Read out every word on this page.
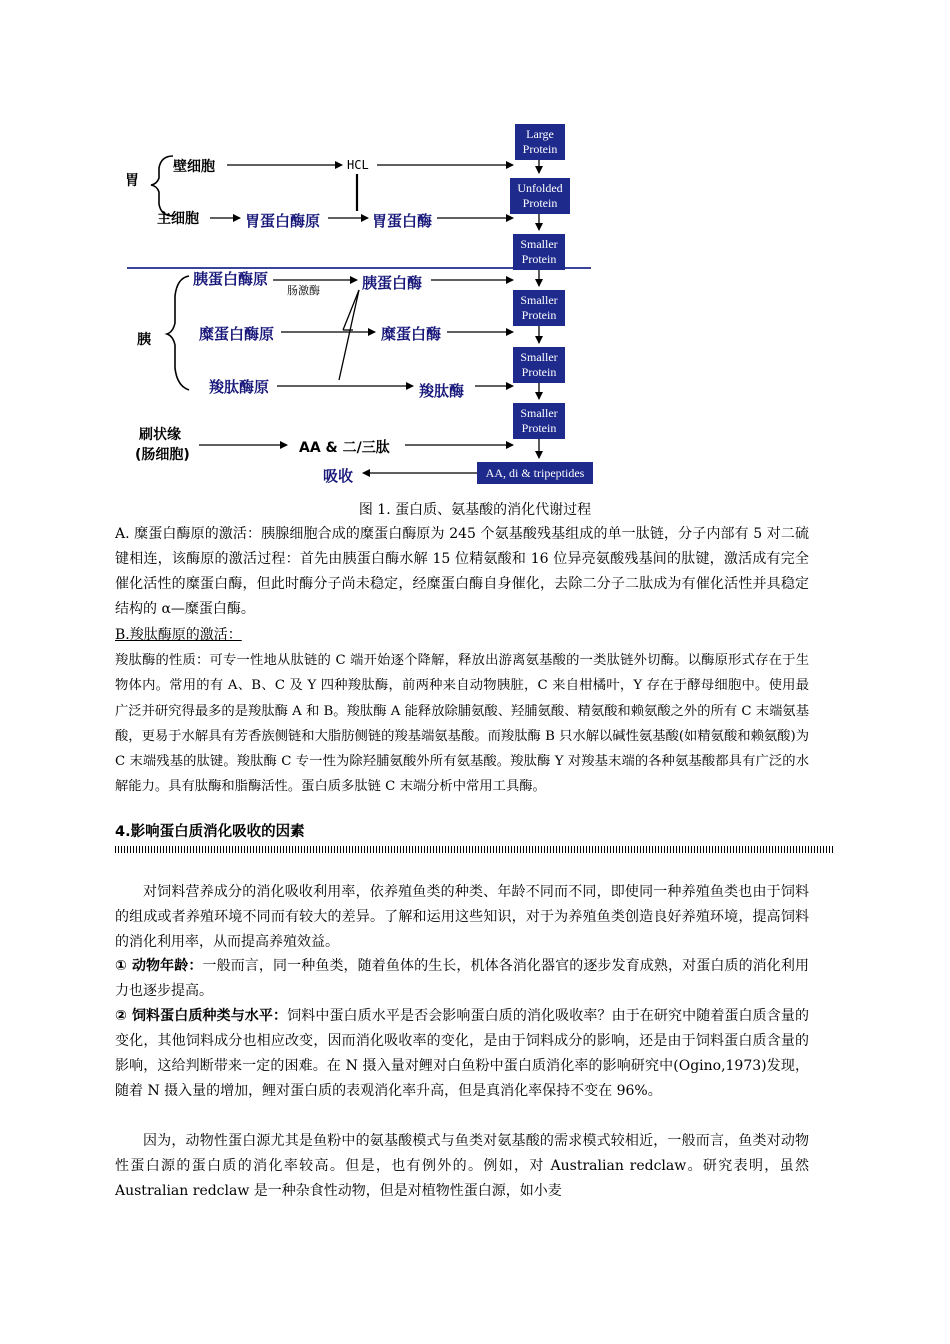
胃
壁细胞
主细胞
HCL
胃蛋白酶原	胃蛋白酶
胰蛋白酶原
肠激酶	胰蛋白酶
胰	糜蛋白酶原	糜蛋白酶
羧肽酶原	羧肽酶
刷状缘
(肠细胞)	AA & 二/三肽
吸收
Large
Protein
Unfolded
Protein
Smaller
Protein
Smaller
Protein
Smaller
Protein
Smaller
Protein
AA, di & tripeptides
图 1. 蛋白质、氨基酸的消化代谢过程
A. 糜蛋白酶原的激活：胰腺细胞合成的糜蛋白酶原为 245 个氨基酸残基组成的单一肽链，分子内部有 5 对二硫键相连，该酶原的激活过程：首先由胰蛋白酶水解 15 位精氨酸和 16 位异亮氨酸残基间的肽键，激活成有完全催化活性的糜蛋白酶，但此时酶分子尚未稳定，经糜蛋白酶自身催化，去除二分子二肽成为有催化活性并具稳定结构的 α—糜蛋白酶。
B.羧肽酶原的激活：
羧肽酶的性质：可专一性地从肽链的 C 端开始逐个降解，释放出游离氨基酸的一类肽链外切酶。以酶原形式存在于生物体内。常用的有 A、B、C 及 Y 四种羧肽酶，前两种来自动物胰脏，C 来自柑橘叶，Y 存在于酵母细胞中。使用最广泛并研究得最多的是羧肽酶 A 和 B。羧肽酶 A 能释放除脯氨酸、羟脯氨酸、精氨酸和赖氨酸之外的所有 C 末端氨基酸，更易于水解具有芳香族侧链和大脂肪侧链的羧基端氨基酸。而羧肽酶 B 只水解以碱性氨基酸(如精氨酸和赖氨酸)为 C 末端残基的肽键。羧肽酶 C 专一性为除羟脯氨酸外所有氨基酸。羧肽酶 Y 对羧基末端的各种氨基酸都具有广泛的水解能力。具有肽酶和脂酶活性。蛋白质多肽链 C 末端分析中常用工具酶。
4.影响蛋白质消化吸收的因素
对饲料营养成分的消化吸收利用率，依养殖鱼类的种类、年龄不同而不同，即使同一种养殖鱼类也由于饲料的组成或者养殖环境不同而有较大的差异。了解和运用这些知识，对于为养殖鱼类创造良好养殖环境，提高饲料的消化利用率，从而提高养殖效益。
① 动物年龄：一般而言，同一种鱼类，随着鱼体的生长，机体各消化器官的逐步发育成熟，对蛋白质的消化利用力也逐步提高。
② 饲料蛋白质种类与水平：饲料中蛋白质水平是否会影响蛋白质的消化吸收率？由于在研究中随着蛋白质含量的变化，其他饲料成分也相应改变，因而消化吸收率的变化，是由于饲料成分的影响，还是由于饲料蛋白质含量的影响，这给判断带来一定的困难。在 N 摄入量对鲤对白鱼粉中蛋白质消化率的影响研究中(Ogino,1973)发现，随着 N 摄入量的增加，鲤对蛋白质的表观消化率升高，但是真消化率保持不变在 96%。
因为，动物性蛋白源尤其是鱼粉中的氨基酸模式与鱼类对氨基酸的需求模式较相近，一般而言，鱼类对动物性蛋白源的蛋白质的消化率较高。但是，也有例外的。例如，对 Australian redclaw。研究表明，虽然 Australian redclaw 是一种杂食性动物，但是对植物性蛋白源，如小麦
